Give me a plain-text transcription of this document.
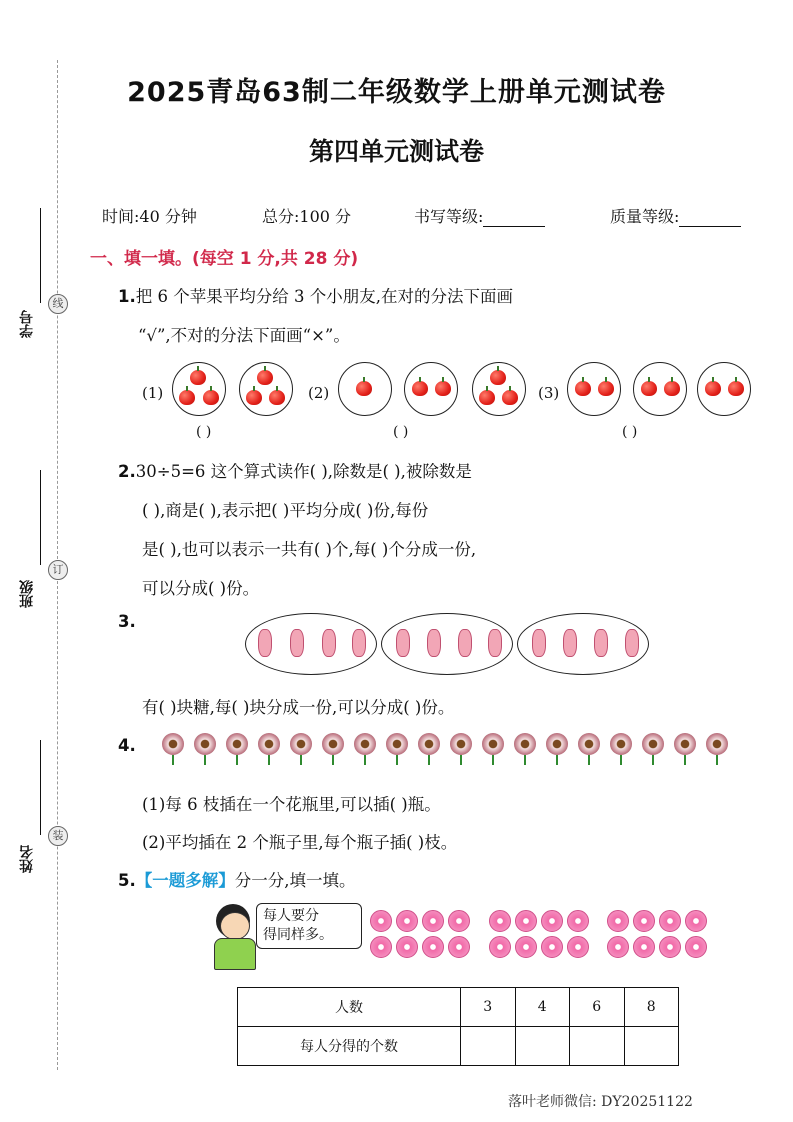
学号
线
班级
订
姓名
装
2025青岛63制二年级数学上册单元测试卷
第四单元测试卷
时间:40 分钟	总分:100 分	书写等级:	质量等级:
一、填一填。(每空 1 分,共 28 分)
1.把 6 个苹果平均分给 3 个小朋友,在对的分法下面画
“√”,不对的分法下面画“×”。
(1)
( )
(2)
( )
(3)
( )
2.30÷5=6 这个算式读作( ),除数是( ),被除数是
( ),商是( ),表示把( )平均分成( )份,每份
是( ),也可以表示一共有( )个,每( )个分成一份,
可以分成( )份。
3.
有( )块糖,每( )块分成一份,可以分成( )份。
4.
(1)每 6 枝插在一个花瓶里,可以插( )瓶。
(2)平均插在 2 个瓶子里,每个瓶子插( )枝。
5.【一题多解】分一分,填一填。
每人要分
得同样多。
人数	3	4	6	8
每人分得的个数				
落叶老师微信: DY20251122
